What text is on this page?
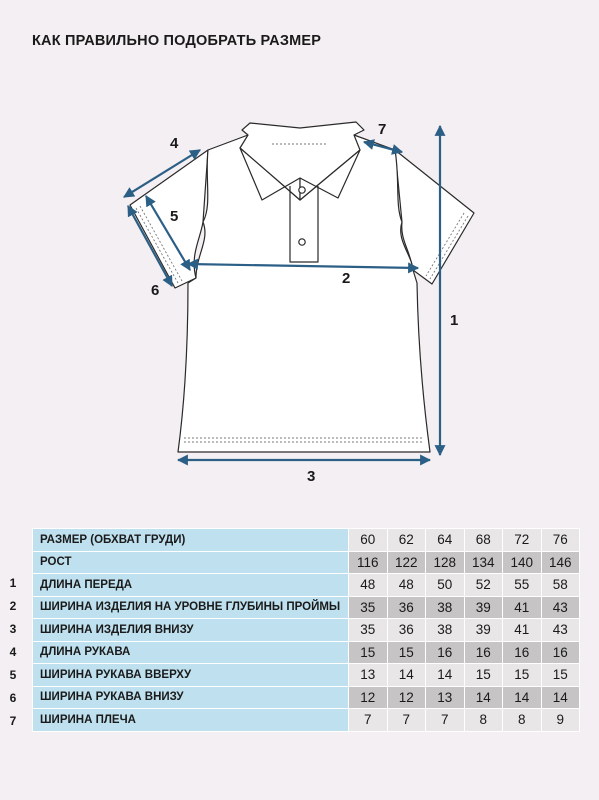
КАК ПРАВИЛЬНО ПОДОБРАТЬ РАЗМЕР
1
2
3
4
5
6
7
РАЗМЕР (ОБХВАТ ГРУДИ)	60	62	64	68	72	76
РОСТ	116	122	128	134	140	146
ДЛИНА ПЕРЕДА	48	48	50	52	55	58
ШИРИНА ИЗДЕЛИЯ НА УРОВНЕ ГЛУБИНЫ ПРОЙМЫ	35	36	38	39	41	43
ШИРИНА ИЗДЕЛИЯ ВНИЗУ	35	36	38	39	41	43
ДЛИНА РУКАВА	15	15	16	16	16	16
ШИРИНА РУКАВА ВВЕРХУ	13	14	14	15	15	15
ШИРИНА РУКАВА ВНИЗУ	12	12	13	14	14	14
ШИРИНА ПЛЕЧА	7	7	7	8	8	9
1
2
3
4
5
6
7
